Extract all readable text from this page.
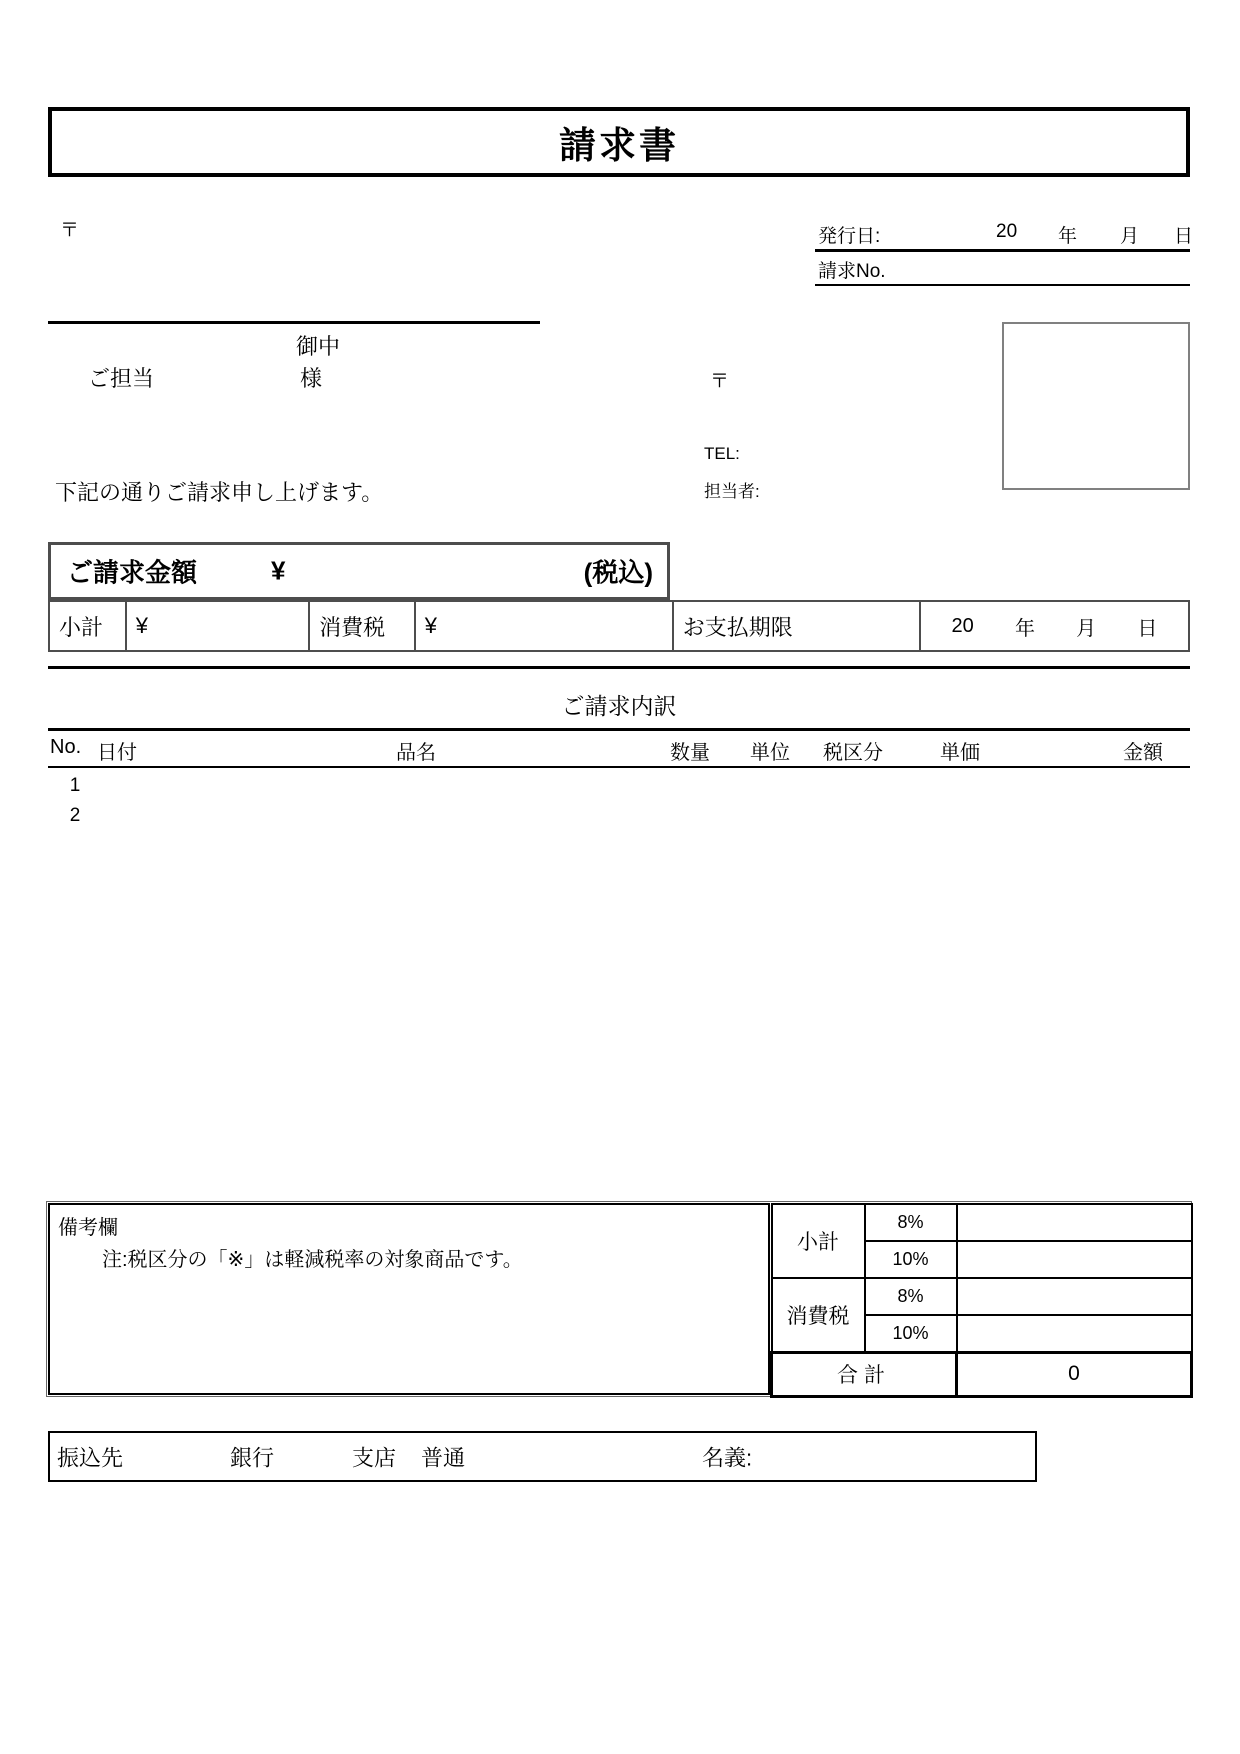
請求書
〒	発行日:	20 年 月 日
請求No.
御中
ご担当	様	〒
TEL:
担当者:
下記の通りご請求申し上げます。
ご請求金額	¥	(税込)
小計	¥	消費税	¥	お支払期限	20 年 月 日
ご請求内訳
No. 日付	品名	数量 単位 税区分	単価	金額
1
2
備考欄
注:税区分の「※」は軽減税率の対象商品です。
小計	8%	
	10%	
消費税	8%	
	10%	
合計		0
振込先	銀行	支店 普通	名義:
